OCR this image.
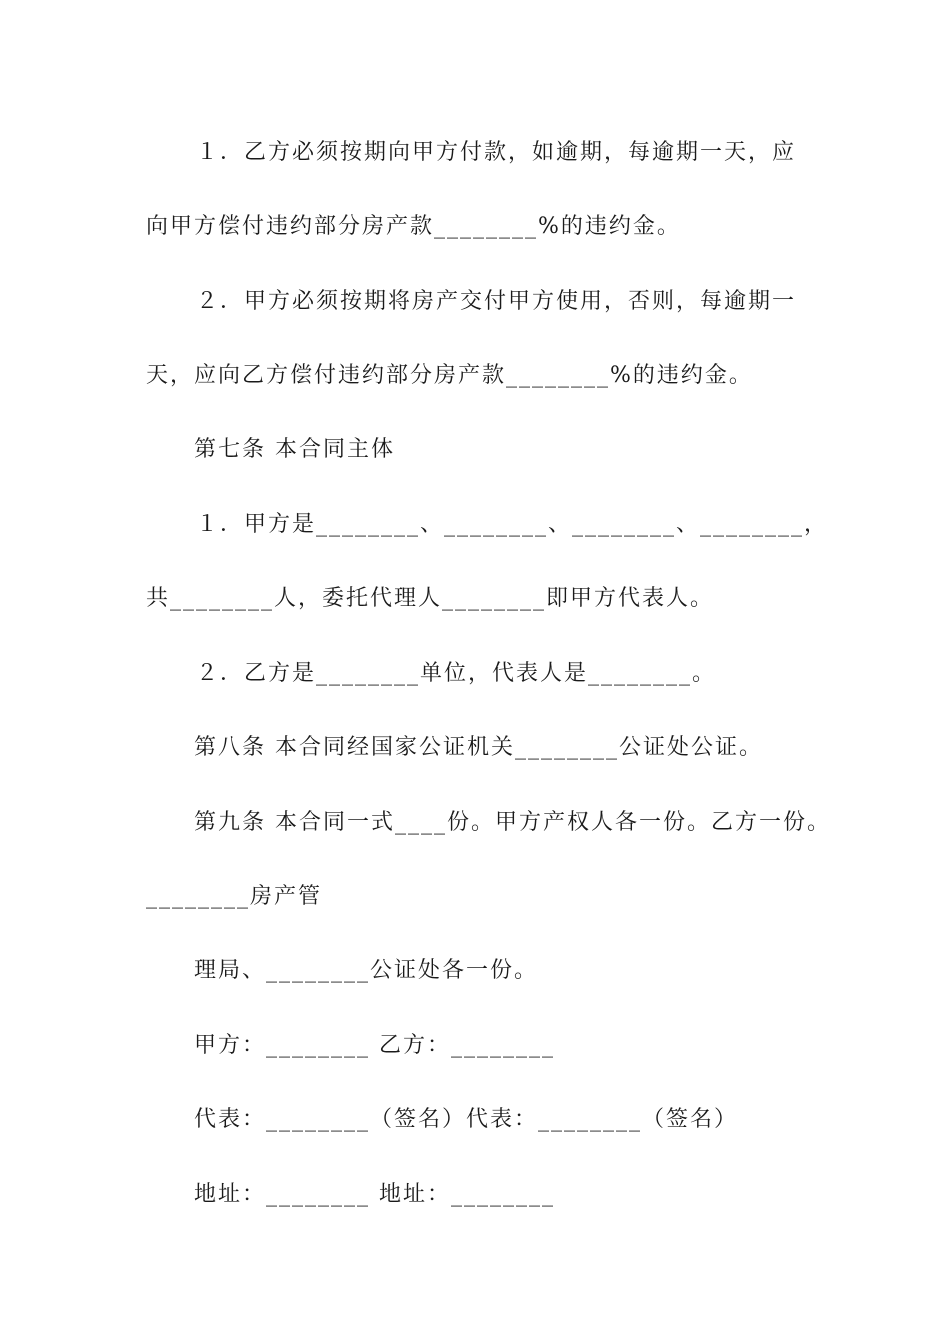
１．乙方必须按期向甲方付款，如逾期，每逾期一天，应
向甲方偿付违约部分房产款________%的违约金。
２．甲方必须按期将房产交付甲方使用，否则，每逾期一
天，应向乙方偿付违约部分房产款________%的违约金。
第七条 本合同主体
１．甲方是________、________、________、________，
共________人，委托代理人________即甲方代表人。
２．乙方是________单位，代表人是________。
第八条 本合同经国家公证机关________公证处公证。
第九条 本合同一式____份。甲方产权人各一份。乙方一份。
________房产管
理局、________公证处各一份。
甲方：________ 乙方：________
代表：________（签名）代表：________（签名）
地址：________ 地址：________
